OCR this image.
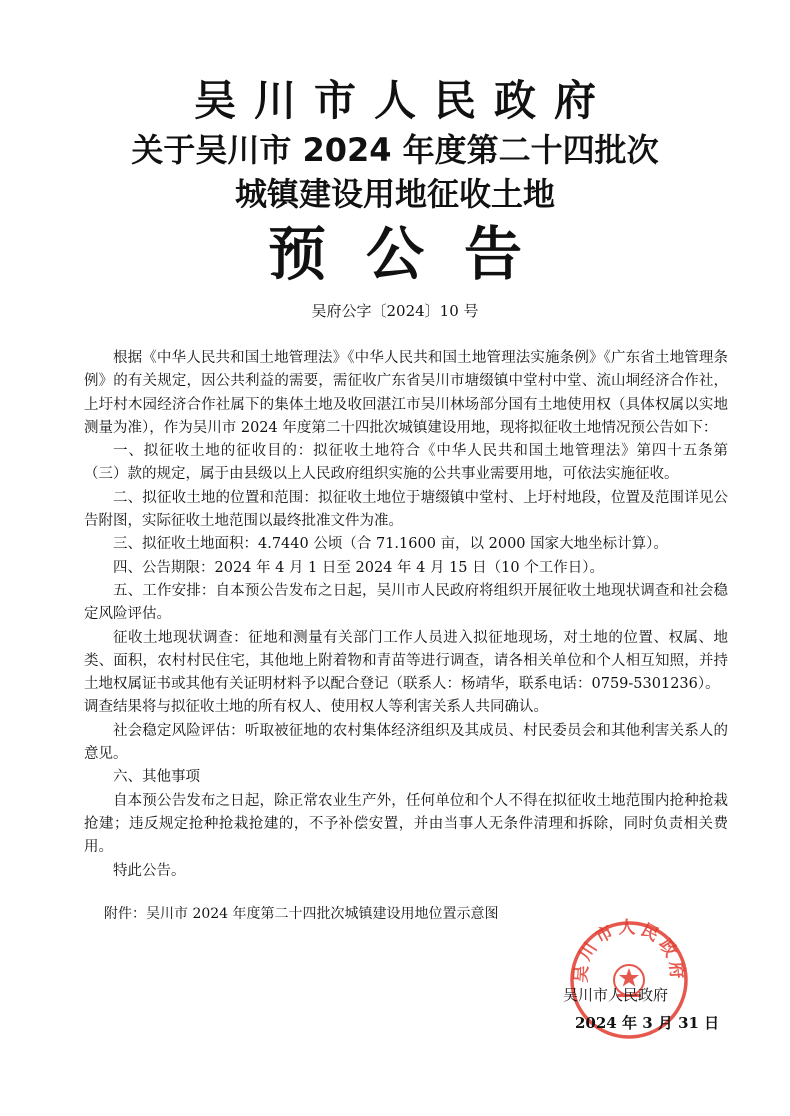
吴川市人民政府
关于吴川市 2024 年度第二十四批次
城镇建设用地征收土地
预公告
吴府公字〔2024〕10 号

根据《中华人民共和国土地管理法》《中华人民共和国土地管理法实施条例》《广东省土地管理条例》的有关规定，因公共利益的需要，需征收广东省吴川市塘缀镇中堂村中堂、流山垌经济合作社，上圩村木园经济合作社属下的集体土地及收回湛江市吴川林场部分国有土地使用权（具体权属以实地测量为准），作为吴川市 2024 年度第二十四批次城镇建设用地，现将拟征收土地情况预公告如下：

一、拟征收土地的征收目的：拟征收土地符合《中华人民共和国土地管理法》第四十五条第（三）款的规定，属于由县级以上人民政府组织实施的公共事业需要用地，可依法实施征收。

二、拟征收土地的位置和范围：拟征收土地位于塘缀镇中堂村、上圩村地段，位置及范围详见公告附图，实际征收土地范围以最终批准文件为准。

三、拟征收土地面积：4.7440 公顷（合 71.1600 亩，以 2000 国家大地坐标计算）。

四、公告期限：2024 年 4 月 1 日至 2024 年 4 月 15 日（10 个工作日）。

五、工作安排：自本预公告发布之日起，吴川市人民政府将组织开展征收土地现状调查和社会稳定风险评估。

征收土地现状调查：征地和测量有关部门工作人员进入拟征地现场，对土地的位置、权属、地类、面积，农村村民住宅，其他地上附着物和青苗等进行调查，请各相关单位和个人相互知照，并持土地权属证书或其他有关证明材料予以配合登记（联系人：杨靖华，联系电话：0759-5301236）。

调查结果将与拟征收土地的所有权人、使用权人等利害关系人共同确认。

社会稳定风险评估：听取被征地的农村集体经济组织及其成员、村民委员会和其他利害关系人的意见。

六、其他事项

自本预公告发布之日起，除正常农业生产外，任何单位和个人不得在拟征收土地范围内抢种抢栽抢建；违反规定抢种抢栽抢建的，不予补偿安置，并由当事人无条件清理和拆除，同时负责相关费用。

特此公告。

附件：吴川市 2024 年度第二十四批次城镇建设用地位置示意图
吴川市人民政府
吴川市人民政府
2024 年 3 月 31 日
